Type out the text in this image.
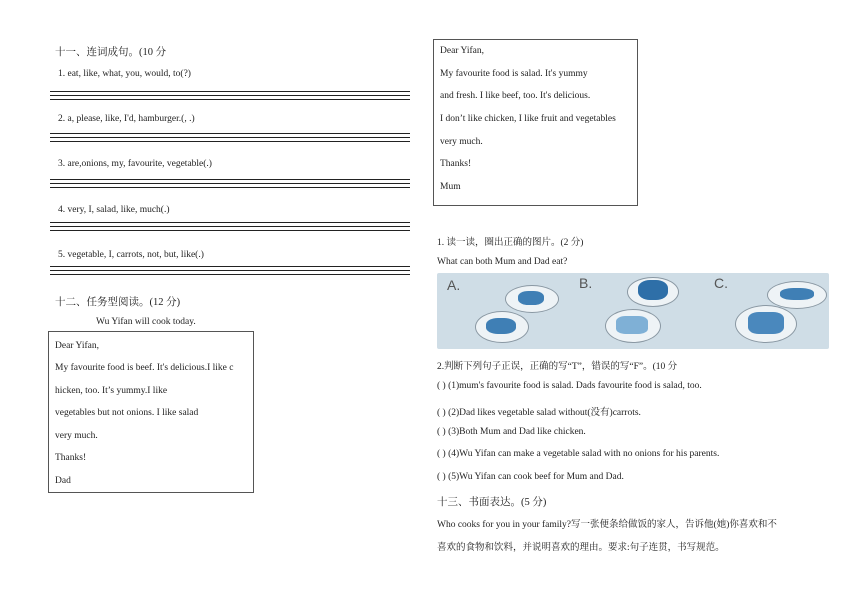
十一、连词成句。(10 分
1. eat, like, what, you, would, to(?)
2. a, please, like, I'd, hamburger.(, .)
3. are,onions, my, favourite, vegetable(.)
4. very, I, salad, like, much(.)
5. vegetable, I, carrots, not, but, like(.)
十二、任务型阅读。(12 分)
Wu Yifan will cook today.
Dear Yifan,
My favourite food is beef. It's delicious.I like c
hicken, too. It’s yummy.I like
vegetables but not onions. I like salad
very much.
Thanks!
Dad
Dear Yifan,
My favourite food is salad. It's yummy
and fresh. I like beef, too. It's delicious.
I don’t like chicken, I like fruit and vegetables
very much.
Thanks!
Mum
1. 读一读，圈出正确的图片。(2 分)
What can both Mum and Dad eat?
A.	B.	C.
2.判断下列句子正误，正确的写“T”，错误的写“F”。(10 分
( ) (1)mum's favourite food is salad. Dads favourite food is salad, too.
( ) (2)Dad likes vegetable salad without(没有)carrots.
( ) (3)Both Mum and Dad like chicken.
( ) (4)Wu Yifan can make a vegetable salad with no onions for his parents.
( ) (5)Wu Yifan can cook beef for Mum and Dad.
十三、书面表达。(5 分)
Who cooks for you in your family?写一张便条给做饭的家人，告诉他(她)你喜欢和不
喜欢的食物和饮料，并说明喜欢的理由。要求:句子连贯，书写规范。
